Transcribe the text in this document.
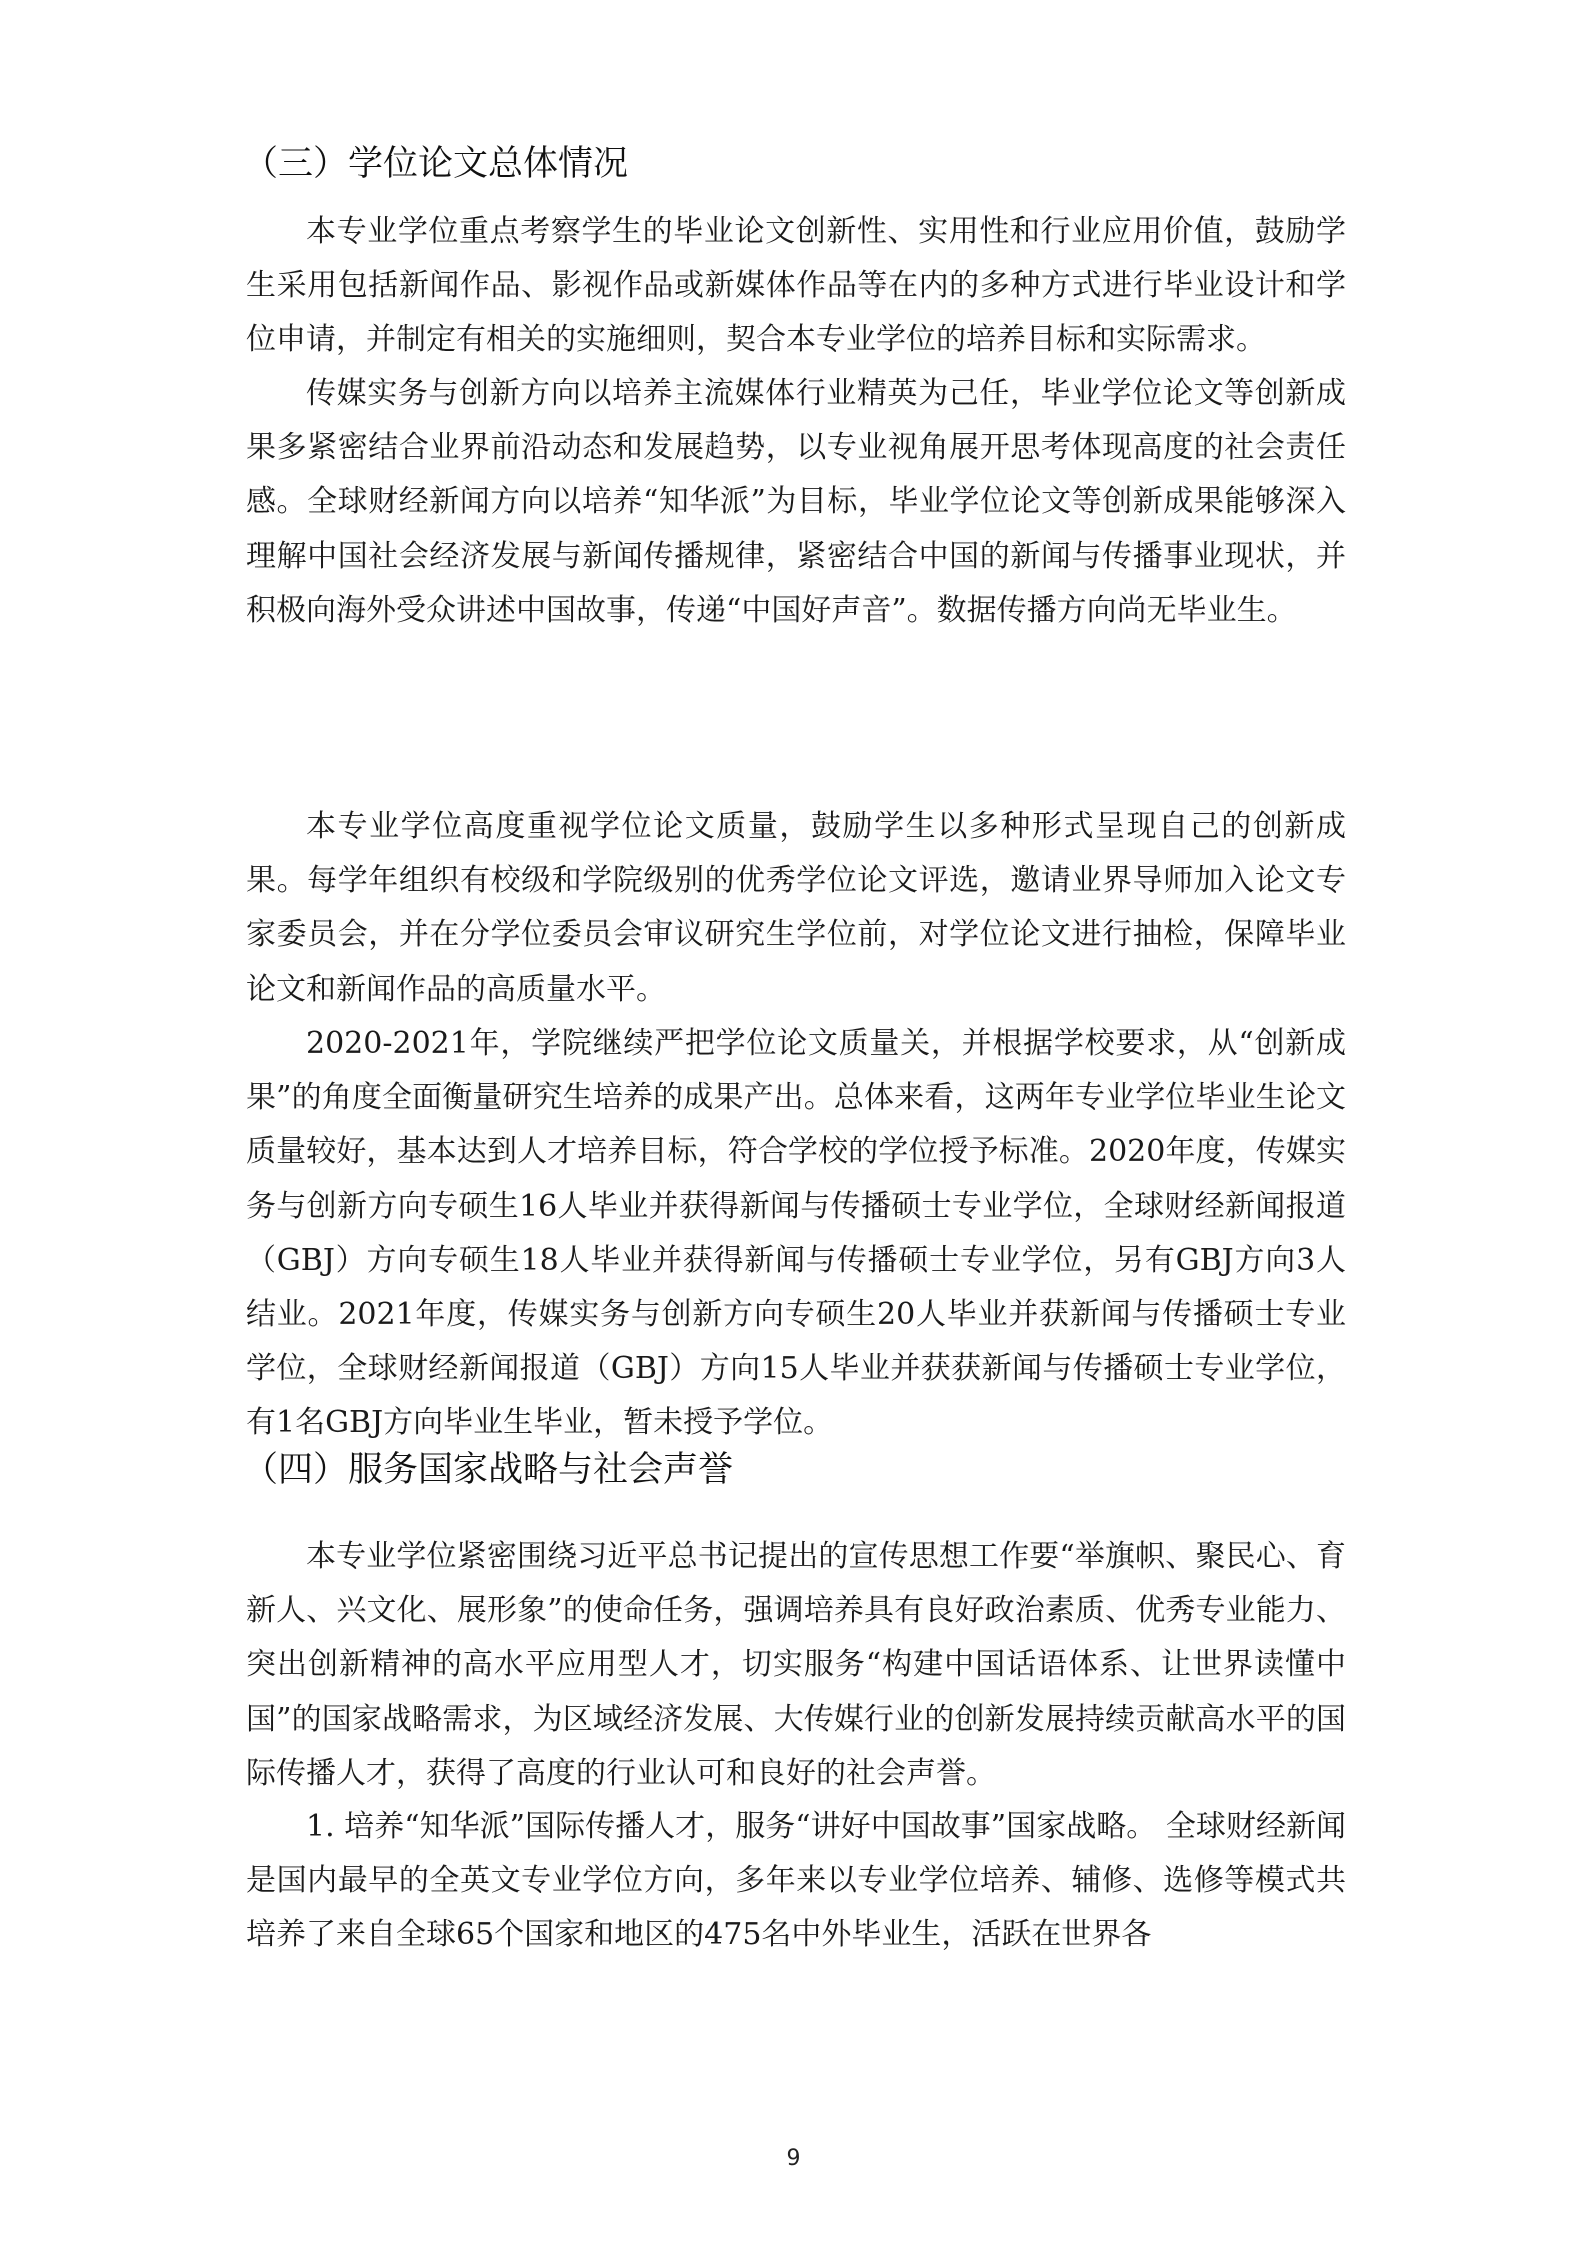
（三）学位论文总体情况

本专业学位重点考察学生的毕业论文创新性、实用性和行业应用价值，鼓励学生采用包括新闻作品、影视作品或新媒体作品等在内的多种方式进行毕业设计和学位申请，并制定有相关的实施细则，契合本专业学位的培养目标和实际需求。

传媒实务与创新方向以培养主流媒体行业精英为己任，毕业学位论文等创新成果多紧密结合业界前沿动态和发展趋势，以专业视角展开思考体现高度的社会责任感。全球财经新闻方向以培养“知华派”为目标，毕业学位论文等创新成果能够深入理解中国社会经济发展与新闻传播规律，紧密结合中国的新闻与传播事业现状，并积极向海外受众讲述中国故事，传递“中国好声音”。数据传播方向尚无毕业生。

本专业学位高度重视学位论文质量，鼓励学生以多种形式呈现自己的创新成果。每学年组织有校级和学院级别的优秀学位论文评选，邀请业界导师加入论文专家委员会，并在分学位委员会审议研究生学位前，对学位论文进行抽检，保障毕业论文和新闻作品的高质量水平。

2020-2021年，学院继续严把学位论文质量关，并根据学校要求，从“创新成果”的角度全面衡量研究生培养的成果产出。总体来看，这两年专业学位毕业生论文质量较好，基本达到人才培养目标，符合学校的学位授予标准。2020年度，传媒实务与创新方向专硕生16人毕业并获得新闻与传播硕士专业学位，全球财经新闻报道（GBJ）方向专硕生18人毕业并获得新闻与传播硕士专业学位，另有GBJ方向3人结业。2021年度，传媒实务与创新方向专硕生20人毕业并获新闻与传播硕士专业学位，全球财经新闻报道（GBJ）方向15人毕业并获获新闻与传播硕士专业学位，有1名GBJ方向毕业生毕业，暂未授予学位。

（四）服务国家战略与社会声誉

本专业学位紧密围绕习近平总书记提出的宣传思想工作要“举旗帜、聚民心、育新人、兴文化、展形象”的使命任务，强调培养具有良好政治素质、优秀专业能力、突出创新精神的高水平应用型人才，切实服务“构建中国话语体系、让世界读懂中国”的国家战略需求，为区域经济发展、大传媒行业的创新发展持续贡献高水平的国际传播人才，获得了高度的行业认可和良好的社会声誉。

1. 培养“知华派”国际传播人才，服务“讲好中国故事”国家战略。 全球财经新闻是国内最早的全英文专业学位方向，多年来以专业学位培养、辅修、选修等模式共培养了来自全球65个国家和地区的475名中外毕业生，活跃在世界各

9
